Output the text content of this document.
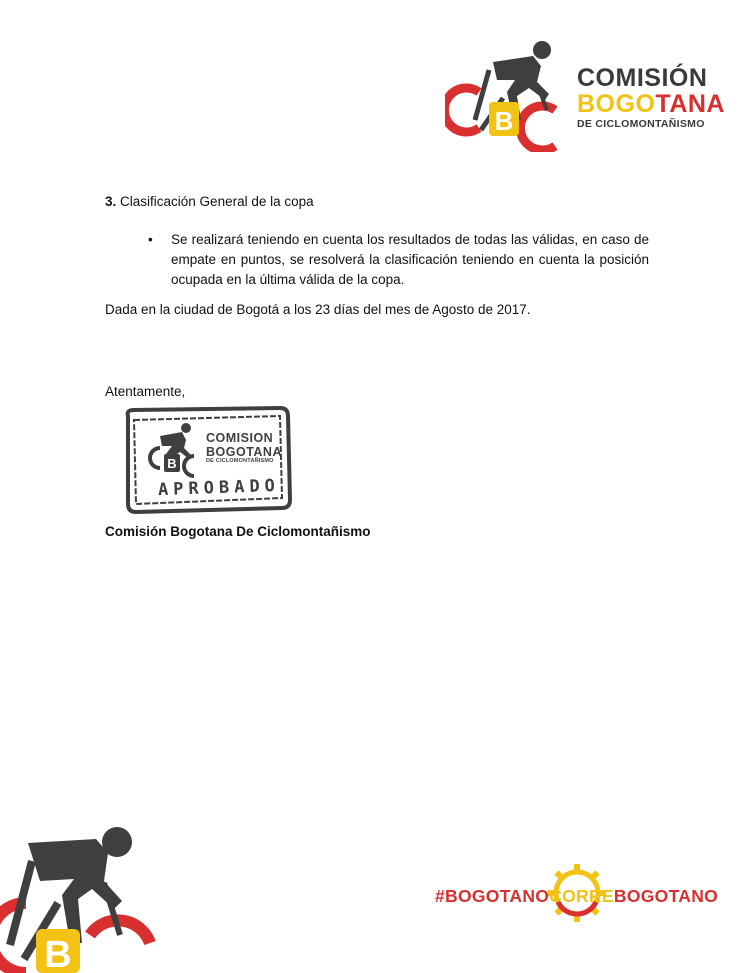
B
COMISIÓN
BOGOTANA
DE CICLOMONTAÑISMO
3. Clasificación General de la copa
• Se realizará teniendo en cuenta los resultados de todas las válidas, en caso de empate en puntos, se resolverá la clasificación teniendo en cuenta la posición ocupada en la última válida de la copa.
Dada en la ciudad de Bogotá a los 23 días del mes de Agosto de 2017.
Atentamente,
B
COMISION
BOGOTANA
DE CICLOMONTAÑISMO
APROBADO
Comisión Bogotana De Ciclomontañismo
B
#BOGOTANOCORREBOGOTANO
